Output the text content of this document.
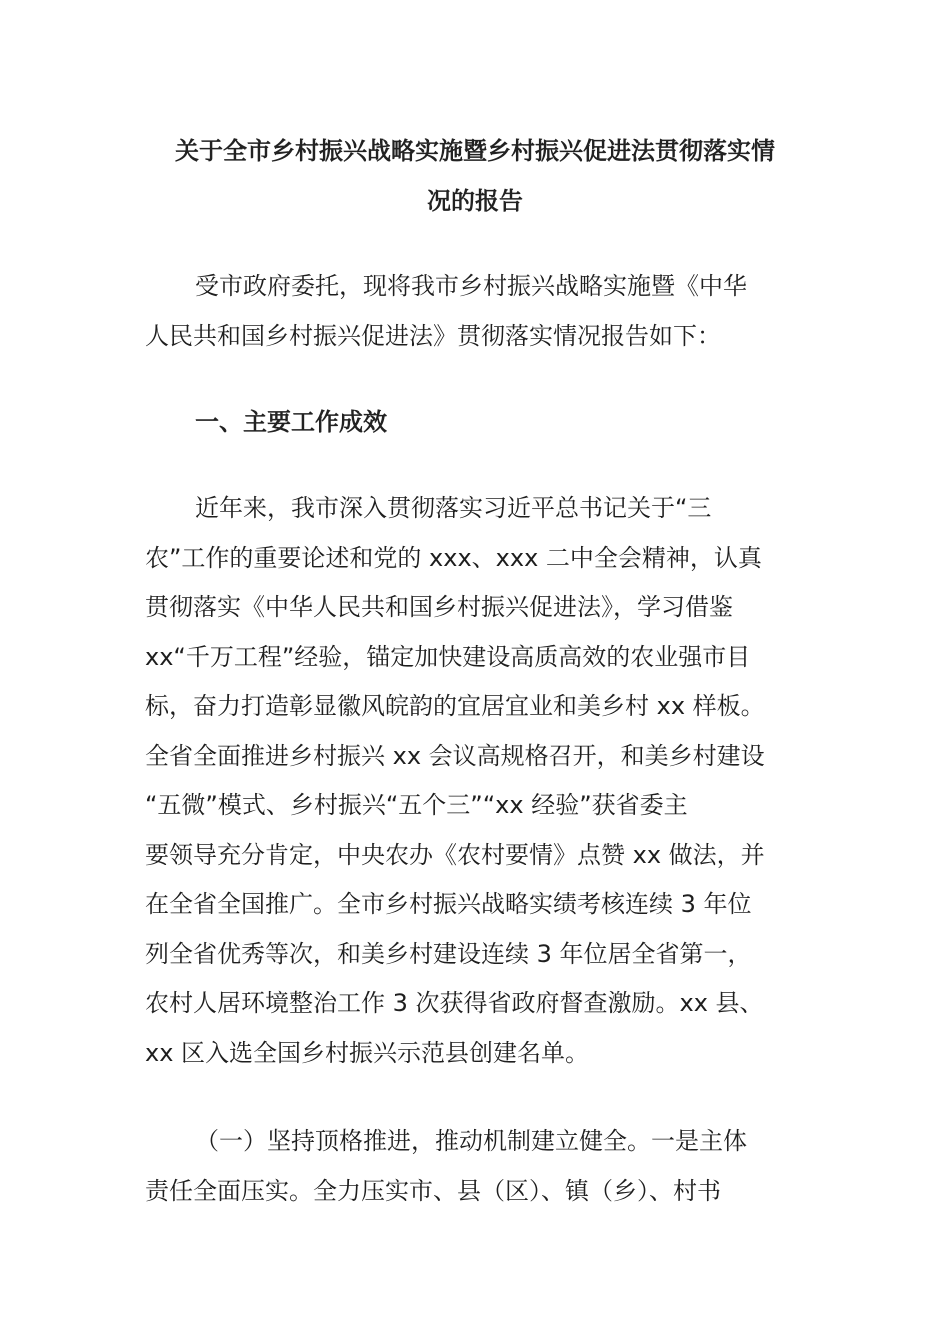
关于全市乡村振兴战略实施暨乡村振兴促进法贯彻落实情
况的报告

受市政府委托，现将我市乡村振兴战略实施暨《中华
人民共和国乡村振兴促进法》贯彻落实情况报告如下：

一、主要工作成效

近年来，我市深入贯彻落实习近平总书记关于“三
农”工作的重要论述和党的 xxx、xxx 二中全会精神，认真
贯彻落实《中华人民共和国乡村振兴促进法》，学习借鉴
xx“千万工程”经验，锚定加快建设高质高效的农业强市目
标，奋力打造彰显徽风皖韵的宜居宜业和美乡村 xx 样板。
全省全面推进乡村振兴 xx 会议高规格召开，和美乡村建设
“五微”模式、乡村振兴“五个三”“xx 经验”获省委主
要领导充分肯定，中央农办《农村要情》点赞 xx 做法，并
在全省全国推广。全市乡村振兴战略实绩考核连续 3 年位
列全省优秀等次，和美乡村建设连续 3 年位居全省第一，
农村人居环境整治工作 3 次获得省政府督查激励。xx 县、
xx 区入选全国乡村振兴示范县创建名单。

（一）坚持顶格推进，推动机制建立健全。一是主体
责任全面压实。全力压实市、县（区）、镇（乡）、村书
